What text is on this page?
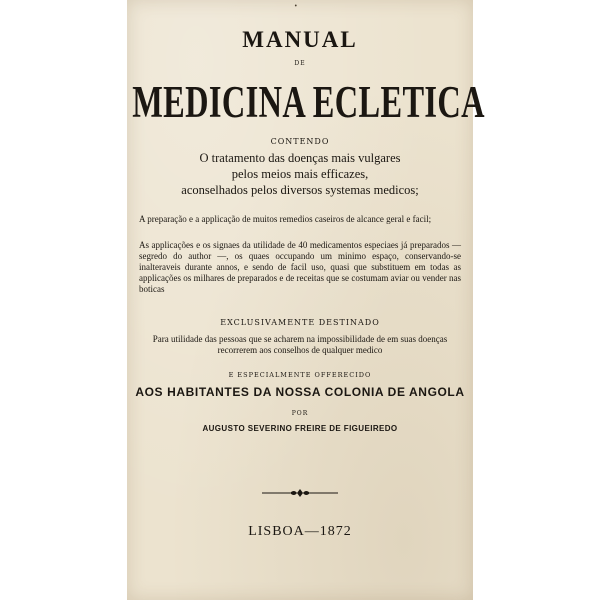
•
MANUAL
DE
MEDICINA ECLETICA
CONTENDO
O tratamento das doenças mais vulgares
pelos meios mais efficazes,
aconselhados pelos diversos systemas medicos;

A preparação e a applicação de muitos remedios caseiros de alcance geral e facil;

As applicações e os signaes da utilidade de 40 medicamentos especiaes já preparados — segredo do author —, os quaes occupando um minimo espaço, conservando-se inalteraveis durante annos, e sendo de facil uso, quasi que substituem em todas as applicações os milhares de preparados e de receitas que se costumam aviar ou vender nas boticas

EXCLUSIVAMENTE DESTINADO

Para utilidade das pessoas que se acharem na impossibilidade de em suas doenças recorrerem aos conselhos de qualquer medico

E ESPECIALMENTE OFFERECIDO
AOS HABITANTES DA NOSSA COLONIA DE ANGOLA
POR
AUGUSTO SEVERINO FREIRE DE FIGUEIREDO
LISBOA—1872
